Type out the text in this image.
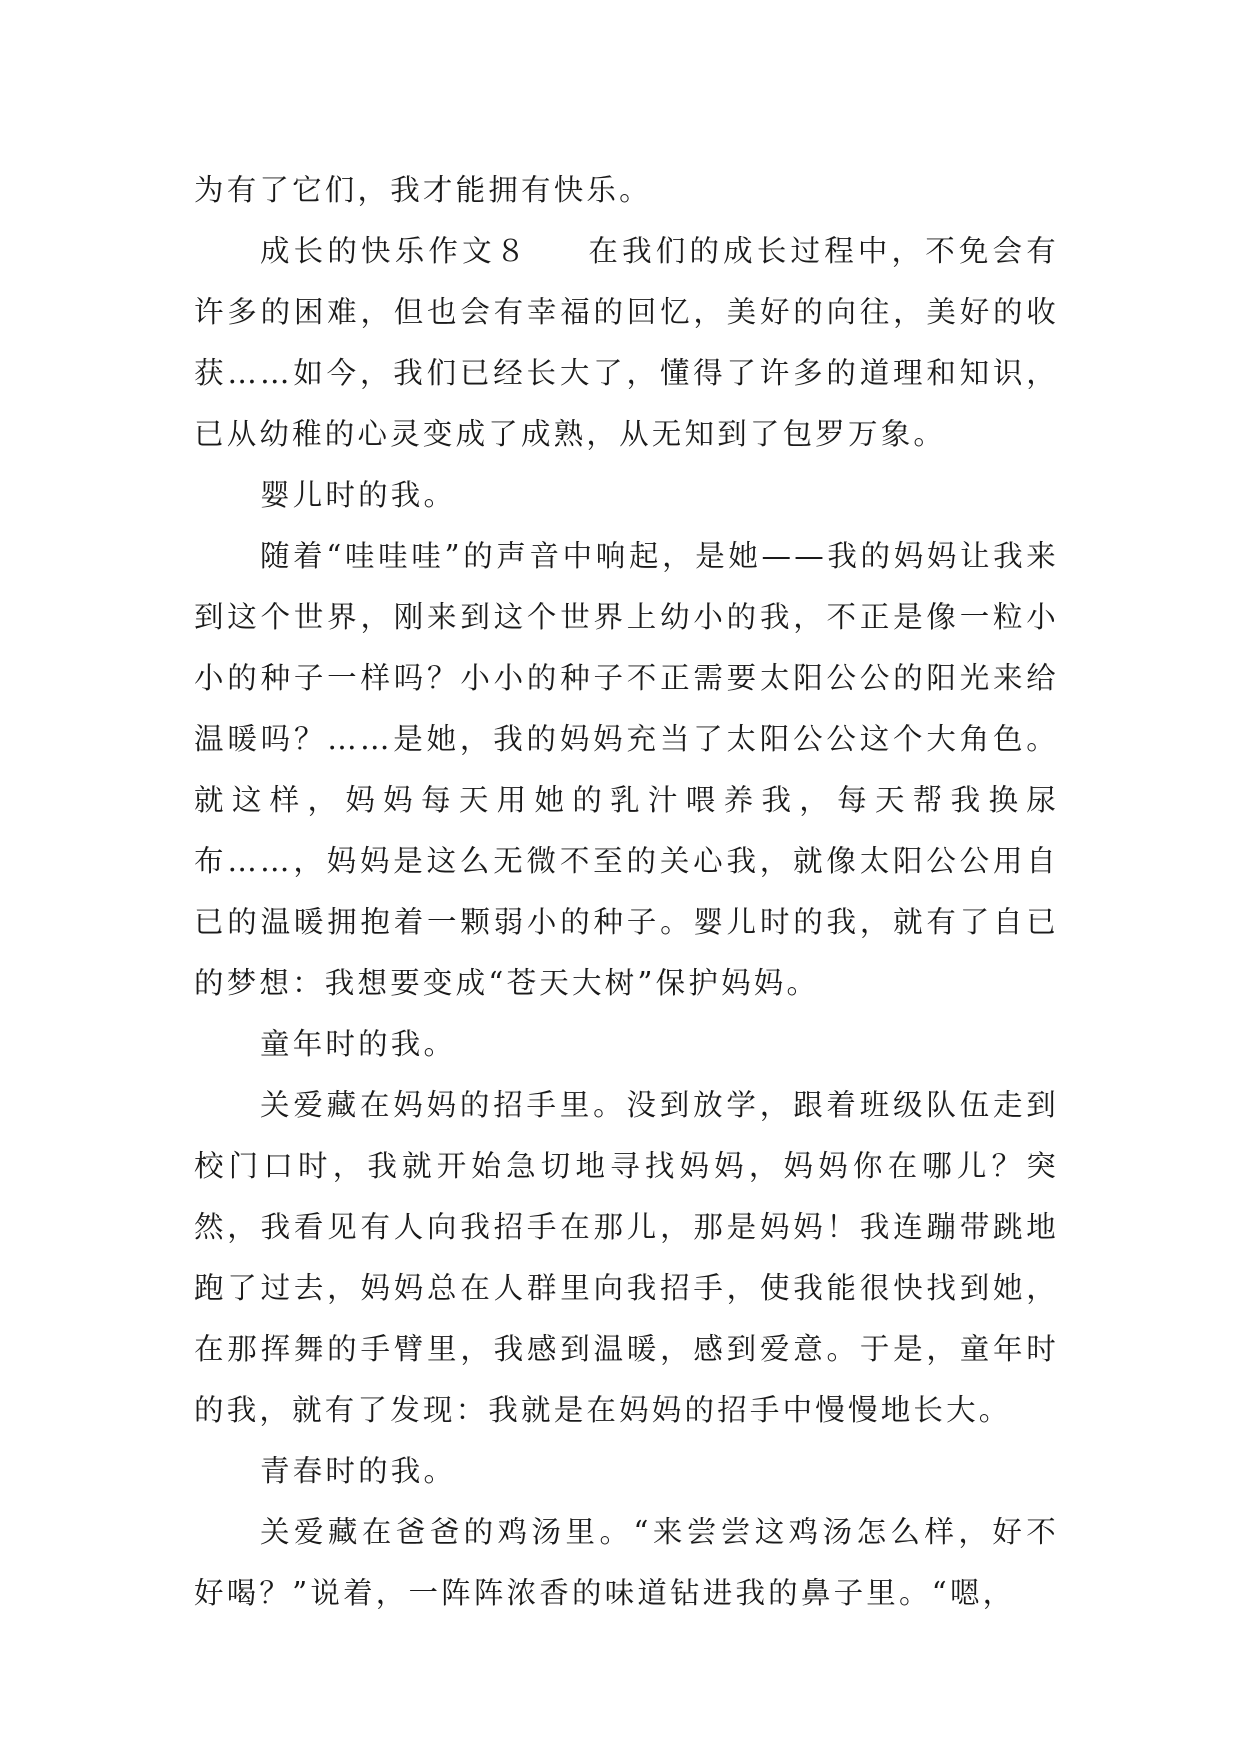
为有了它们，我才能拥有快乐。

成长的快乐作文８ 在我们的成长过程中，不免会有许多的困难，但也会有幸福的回忆，美好的向往，美好的收获……如今，我们已经长大了，懂得了许多的道理和知识，已从幼稚的心灵变成了成熟，从无知到了包罗万象。

婴儿时的我。

随着“哇哇哇”的声音中响起，是她——我的妈妈让我来到这个世界，刚来到这个世界上幼小的我，不正是像一粒小小的种子一样吗？小小的种子不正需要太阳公公的阳光来给温暖吗？……是她，我的妈妈充当了太阳公公这个大角色。就这样，妈妈每天用她的乳汁喂养我，每天帮我换尿布……，妈妈是这么无微不至的关心我，就像太阳公公用自已的温暖拥抱着一颗弱小的种子。婴儿时的我，就有了自已的梦想：我想要变成“苍天大树”保护妈妈。

童年时的我。

关爱藏在妈妈的招手里。没到放学，跟着班级队伍走到校门口时，我就开始急切地寻找妈妈，妈妈你在哪儿？突然，我看见有人向我招手在那儿，那是妈妈！我连蹦带跳地跑了过去，妈妈总在人群里向我招手，使我能很快找到她，在那挥舞的手臂里，我感到温暖，感到爱意。于是，童年时的我，就有了发现：我就是在妈妈的招手中慢慢地长大。

青春时的我。

关爱藏在爸爸的鸡汤里。“来尝尝这鸡汤怎么样，好不好喝？”说着，一阵阵浓香的味道钻进我的鼻子里。“嗯，
